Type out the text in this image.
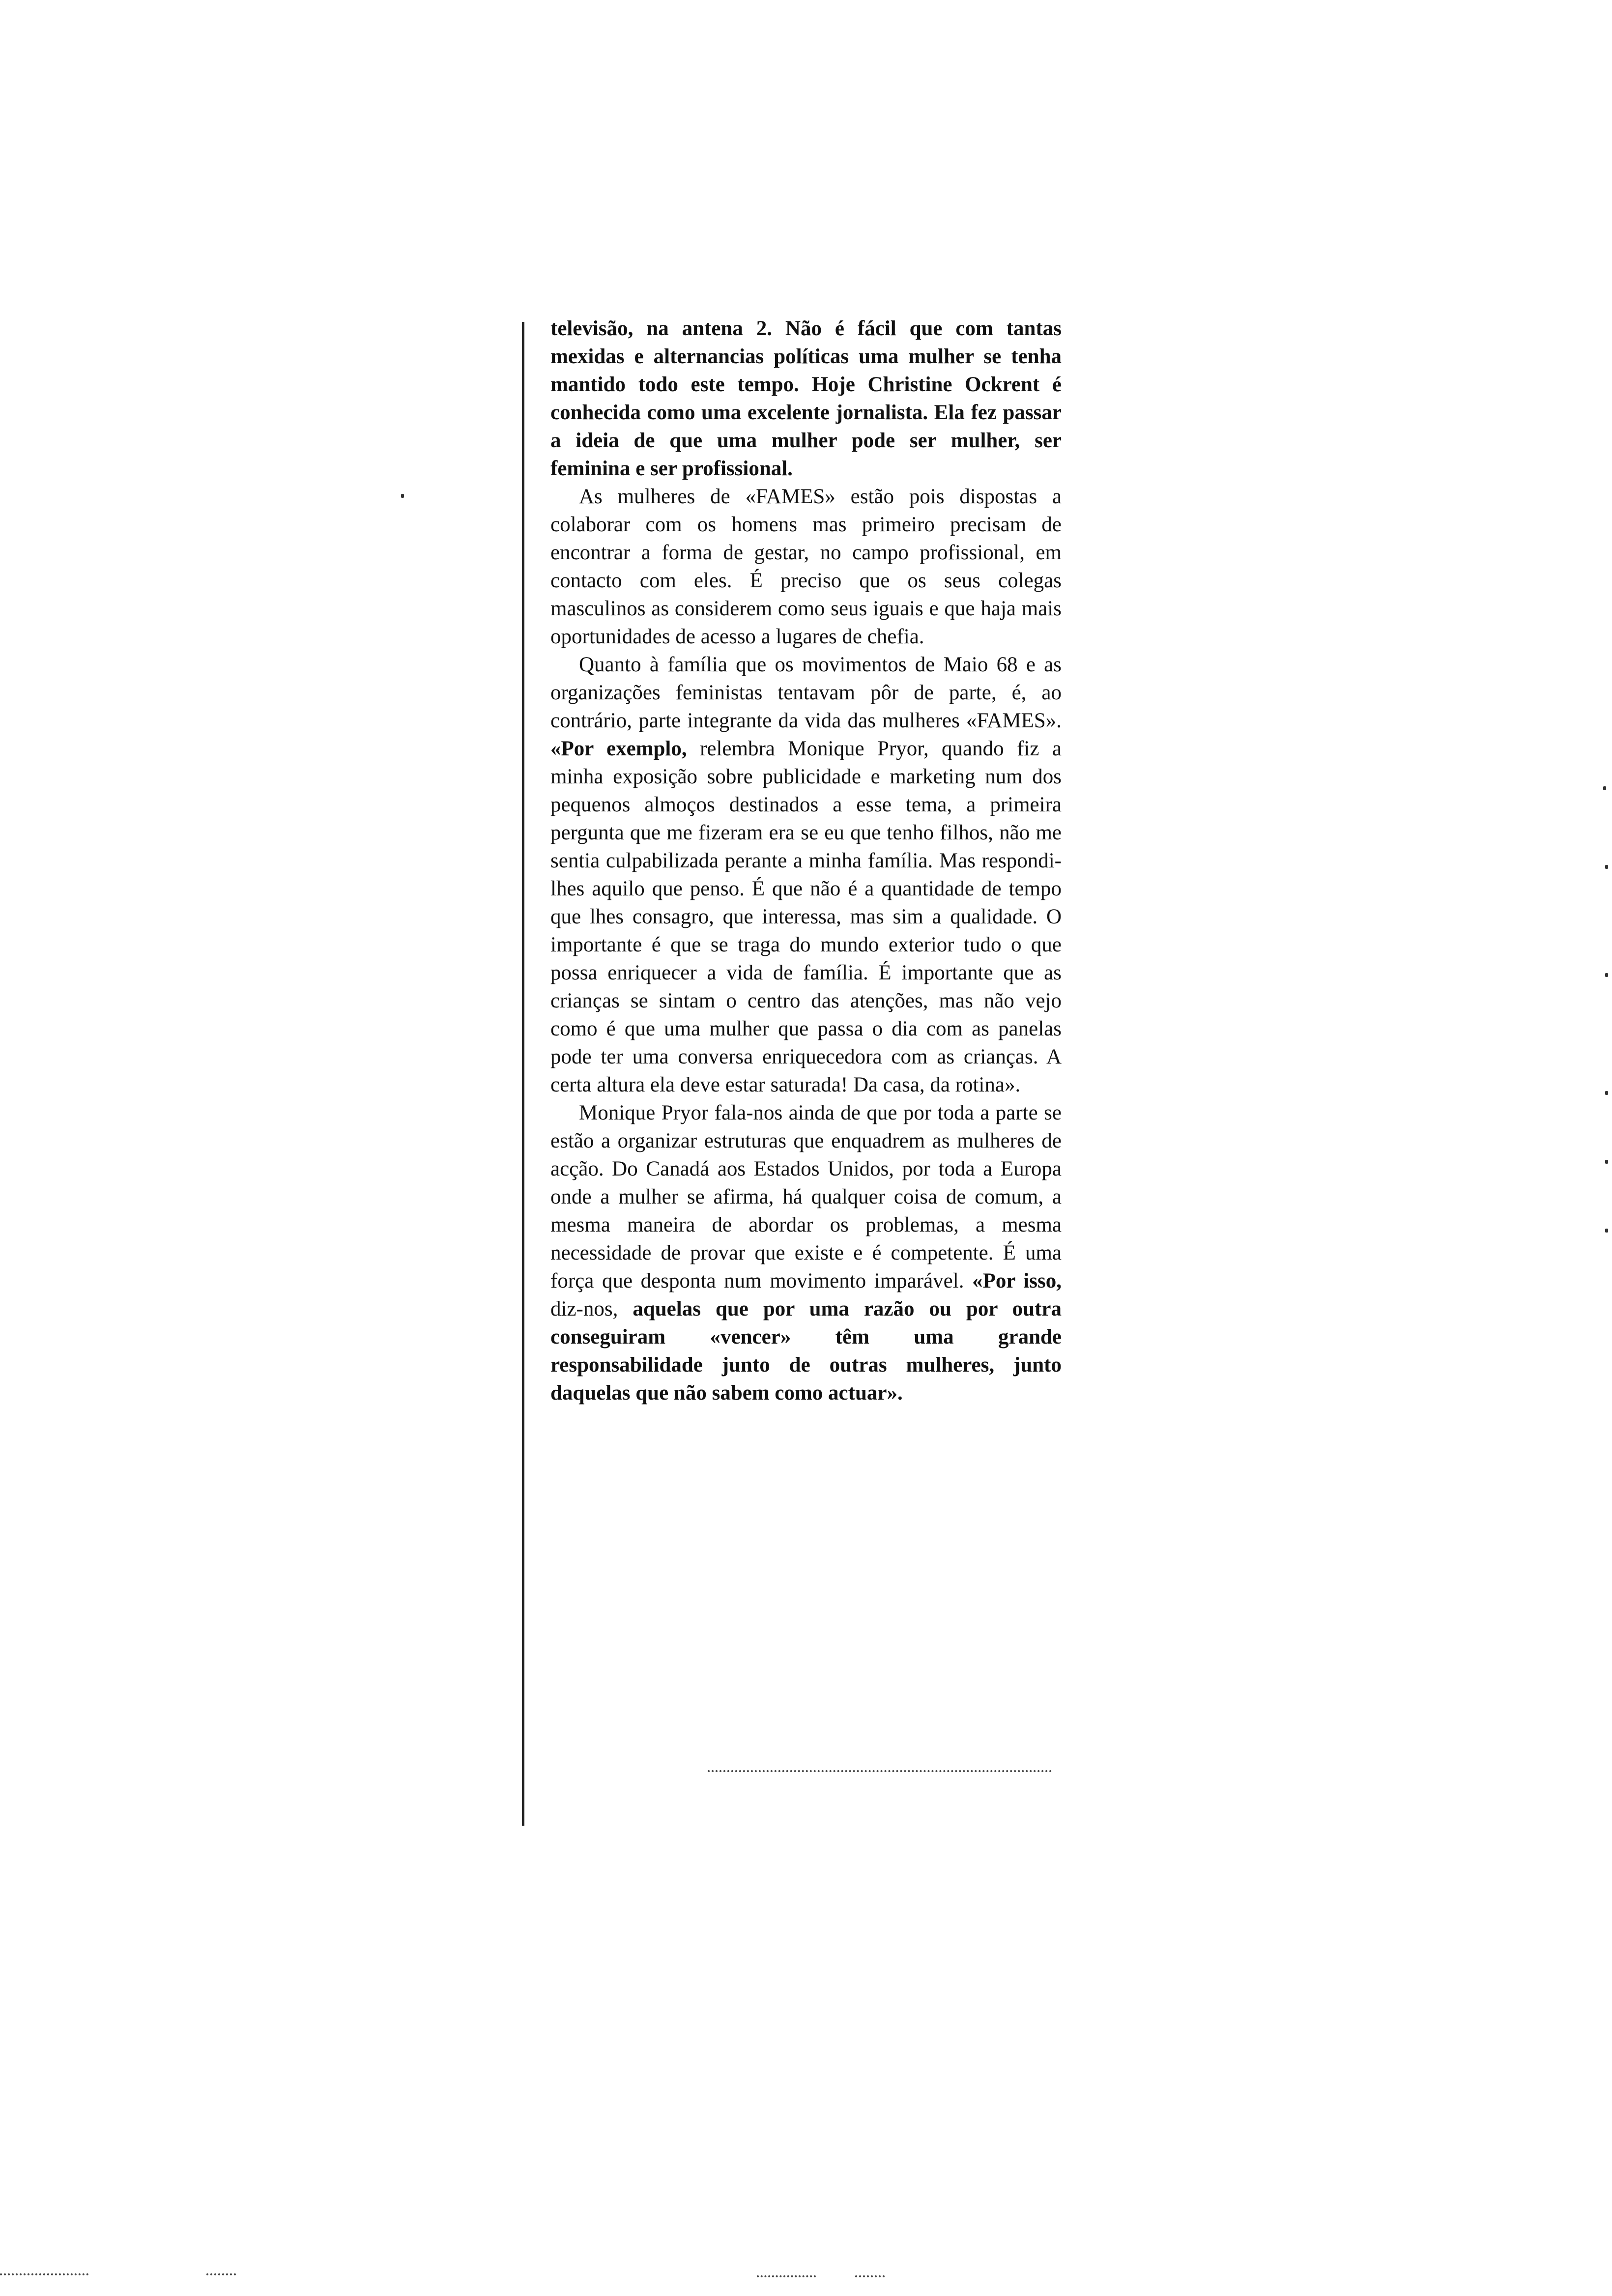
televisão, na antena 2. Não é fácil que com tantas mexidas e alternancias políticas uma mulher se tenha mantido todo este tempo. Hoje Christine Ockrent é conhecida como uma excelente jornalista. Ela fez passar a ideia de que uma mulher pode ser mulher, ser feminina e ser profissional.

As mulheres de «FAMES» estão pois dispostas a colaborar com os homens mas primeiro precisam de encontrar a forma de gestar, no campo profissional, em contacto com eles. É preciso que os seus colegas masculinos as considerem como seus iguais e que haja mais oportunidades de acesso a lugares de chefia.

Quanto à família que os movimentos de Maio 68 e as organizações feministas tentavam pôr de parte, é, ao contrário, parte integrante da vida das mulheres «FAMES». «Por exemplo, relembra Monique Pryor, quando fiz a minha exposição sobre publicidade e marketing num dos pequenos almoços destinados a esse tema, a primeira pergunta que me fizeram era se eu que tenho filhos, não me sentia culpabilizada perante a minha família. Mas respondi-lhes aquilo que penso. É que não é a quantidade de tempo que lhes consagro, que interessa, mas sim a qualidade. O importante é que se traga do mundo exterior tudo o que possa enriquecer a vida de família. É importante que as crianças se sintam o centro das atenções, mas não vejo como é que uma mulher que passa o dia com as panelas pode ter uma conversa enriquecedora com as crianças. A certa altura ela deve estar saturada! Da casa, da rotina».

Monique Pryor fala-nos ainda de que por toda a parte se estão a organizar estruturas que enquadrem as mulheres de acção. Do Canadá aos Estados Unidos, por toda a Europa onde a mulher se afirma, há qualquer coisa de comum, a mesma maneira de abordar os problemas, a mesma necessidade de provar que existe e é competente. É uma força que desponta num movimento imparável. «Por isso, diz-nos, aquelas que por uma razão ou por outra conseguiram «vencer» têm uma grande responsabilidade junto de outras mulheres, junto daquelas que não sabem como actuar».
